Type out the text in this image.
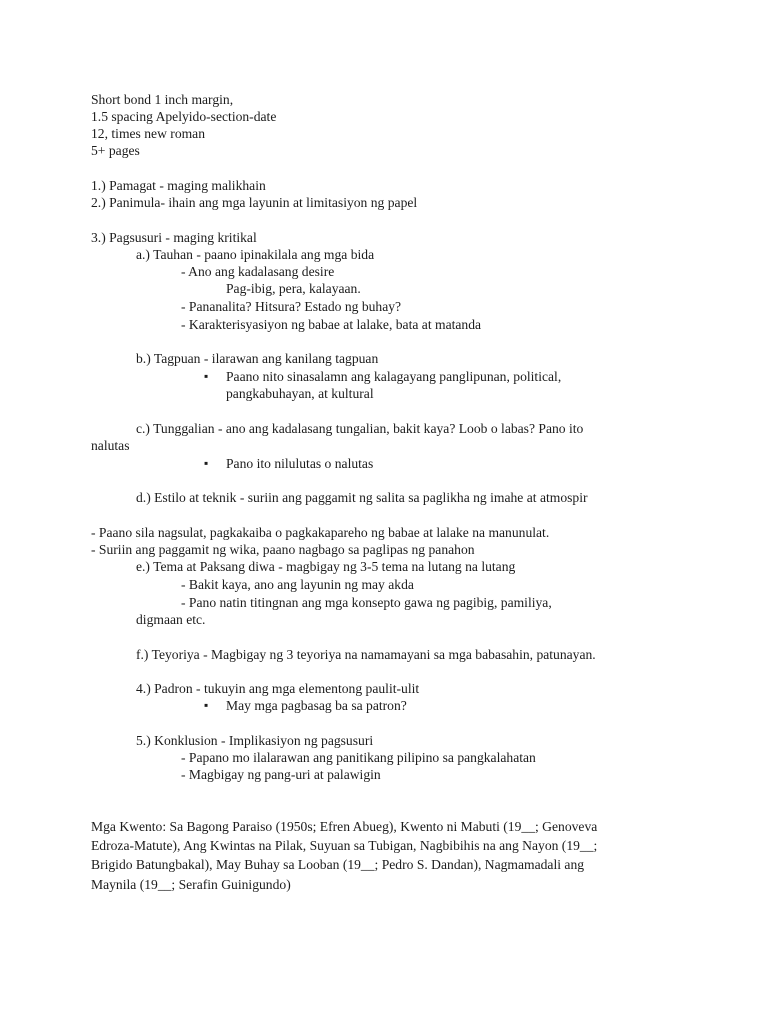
Short bond 1 inch margin,
1.5 spacing Apelyido-section-date
12, times new roman
5+ pages
1.) Pamagat - maging malikhain
2.) Panimula- ihain ang mga layunin at limitasiyon ng papel
3.) Pagsusuri - maging kritikal
a.) Tauhan - paano ipinakilala ang mga bida
- Ano ang kadalasang desire
Pag-ibig, pera, kalayaan.
- Pananalita? Hitsura? Estado ng buhay?
- Karakterisyasiyon ng babae at lalake, bata at matanda
b.) Tagpuan - ilarawan ang kanilang tagpuan
▪ Paano nito sinasalamn ang kalagayang panglipunan, political,
pangkabuhayan, at kultural
c.) Tunggalian - ano ang kadalasang tungalian, bakit kaya? Loob o labas? Pano ito
nalutas
▪ Pano ito nilulutas o nalutas
d.) Estilo at teknik - suriin ang paggamit ng salita sa paglikha ng imahe at atmospir
- Paano sila nagsulat, pagkakaiba o pagkakapareho ng babae at lalake na manunulat.
- Suriin ang paggamit ng wika, paano nagbago sa paglipas ng panahon
e.) Tema at Paksang diwa - magbigay ng 3-5 tema na lutang na lutang
- Bakit kaya, ano ang layunin ng may akda
- Pano natin titingnan ang mga konsepto gawa ng pagibig, pamiliya,
digmaan etc.
f.) Teyoriya - Magbigay ng 3 teyoriya na namamayani sa mga babasahin, patunayan.
4.) Padron - tukuyin ang mga elementong paulit-ulit
▪ May mga pagbasag ba sa patron?
5.) Konklusion - Implikasiyon ng pagsusuri
- Papano mo ilalarawan ang panitikang pilipino sa pangkalahatan
- Magbigay ng pang-uri at palawigin
Mga Kwento: Sa Bagong Paraiso (1950s; Efren Abueg), Kwento ni Mabuti (19__; Genoveva
Edroza-Matute), Ang Kwintas na Pilak, Suyuan sa Tubigan, Nagbibihis na ang Nayon (19__;
Brigido Batungbakal), May Buhay sa Looban (19__; Pedro S. Dandan), Nagmamadali ang
Maynila (19__; Serafin Guinigundo)
